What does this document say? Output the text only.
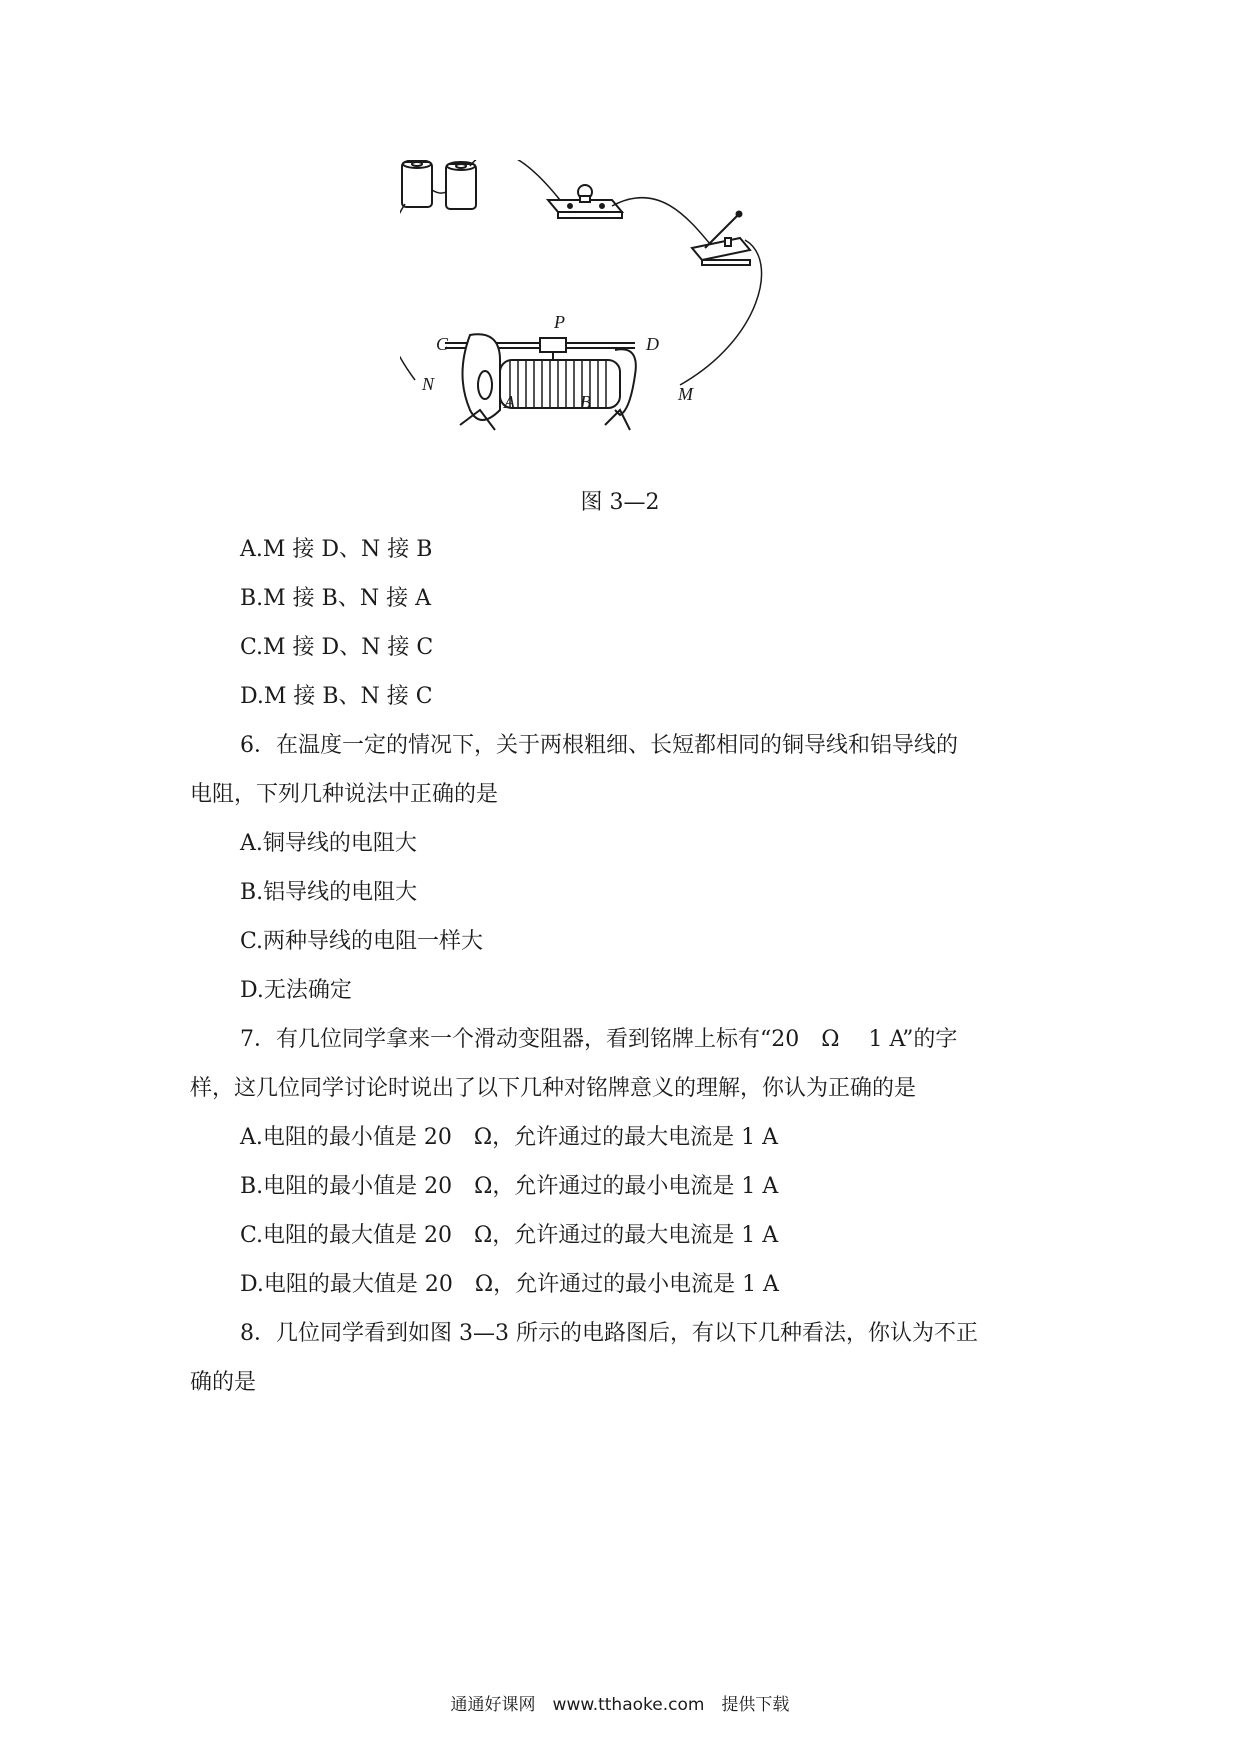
C
P
D
A	B
N	M
图 3—2
A.M 接 D、N 接 B
B.M 接 B、N 接 A
C.M 接 D、N 接 C
D.M 接 B、N 接 C
6．在温度一定的情况下，关于两根粗细、长短都相同的铜导线和铝导线的
电阻，下列几种说法中正确的是
A.铜导线的电阻大
B.铝导线的电阻大
C.两种导线的电阻一样大
D.无法确定
7．有几位同学拿来一个滑动变阻器，看到铭牌上标有“20　Ω　 1 A”的字
样，这几位同学讨论时说出了以下几种对铭牌意义的理解，你认为正确的是
A.电阻的最小值是 20　Ω，允许通过的最大电流是 1 A
B.电阻的最小值是 20　Ω，允许通过的最小电流是 1 A
C.电阻的最大值是 20　Ω，允许通过的最大电流是 1 A
D.电阻的最大值是 20　Ω，允许通过的最小电流是 1 A
8．几位同学看到如图 3—3 所示的电路图后，有以下几种看法，你认为不正
确的是
通通好课网　www.tthaoke.com　提供下载
